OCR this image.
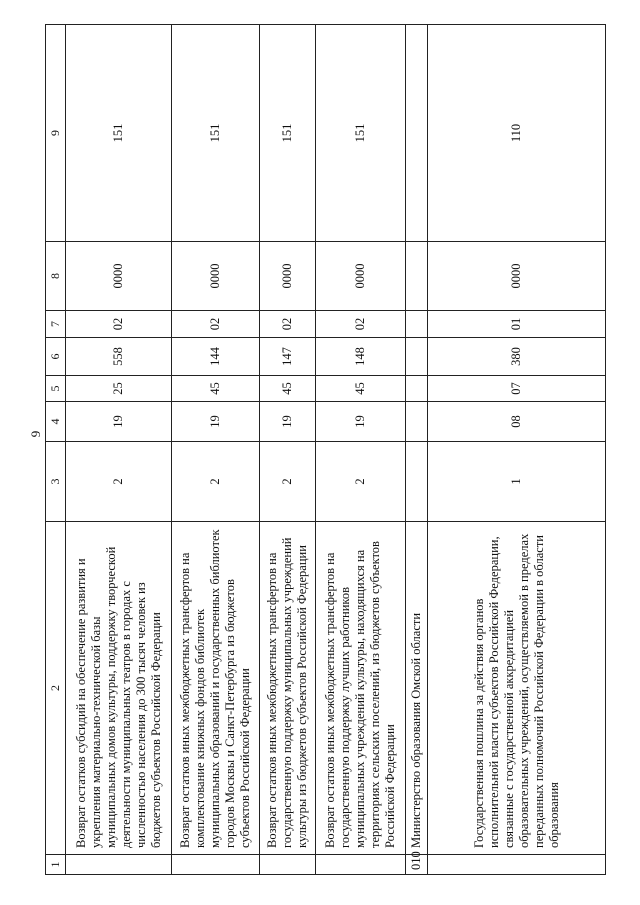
9
1	2	3	4	5	6	7	8	9
	Возврат остатков субсидий на обеспечение развития и укрепления материально-технической базы муниципальных домов культуры, поддержку творческой деятельности муниципальных театров в городах с численностью населения до 300 тысяч человек из бюджетов субъектов Российской Федерации	2	19	25	558	02	0000	151
	Возврат остатков иных межбюджетных трансфертов на комплектование книжных фондов библиотек муниципальных образований и государственных библиотек городов Москвы и Санкт-Петербурга из бюджетов субъектов Российской Федерации	2	19	45	144	02	0000	151
	Возврат остатков иных межбюджетных трансфертов на государственную поддержку муниципальных учреждений культуры из бюджетов субъектов Российской Федерации	2	19	45	147	02	0000	151
	Возврат остатков иных межбюджетных трансфертов на государственную поддержку лучших работников муниципальных учреждений культуры, находящихся на территориях сельских поселений, из бюджетов субъектов Российской Федерации	2	19	45	148	02	0000	151
010	Министерство образования Омской области							
	Государственная пошлина за действия органов исполнительной власти субъектов Российской Федерации, связанные с государственной аккредитацией образовательных учреждений, осуществляемой в пределах переданных полномочий Российской Федерации в области образования	1	08	07	380	01	0000	110
